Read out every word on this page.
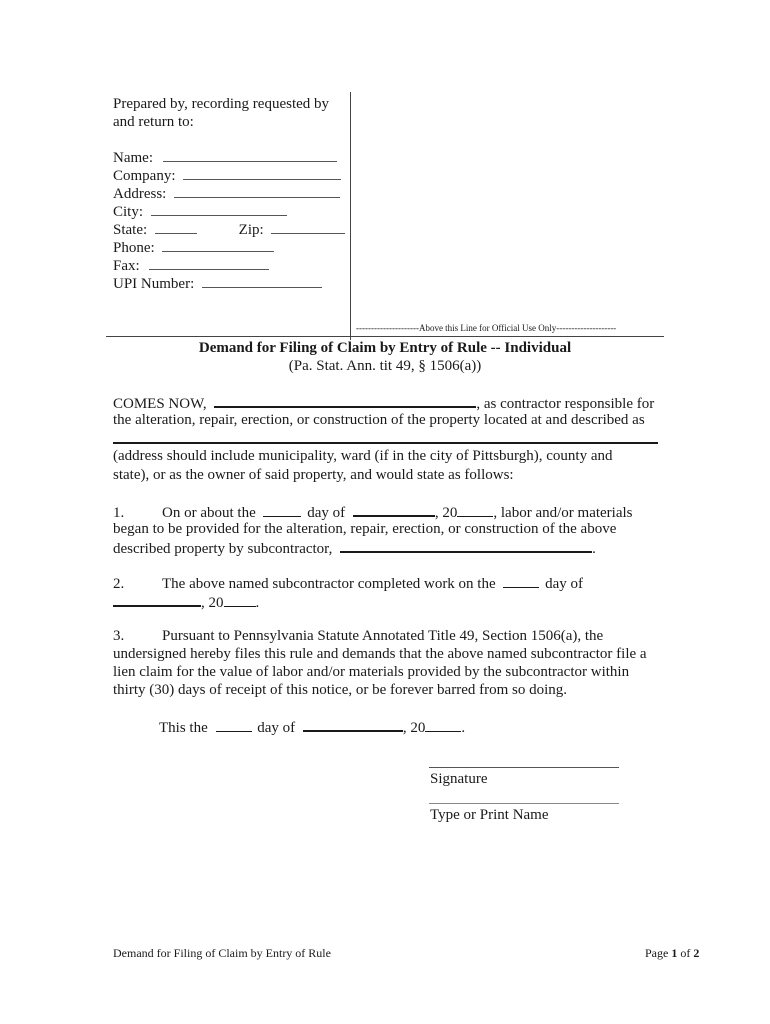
Prepared by, recording requested by
and return to:
Name:
Company:
Address:
City:
State:	Zip:
Phone:
Fax:
UPI Number:
---------------------Above this Line for Official Use Only--------------------
Demand for Filing of Claim by Entry of Rule -- Individual
(Pa. Stat. Ann. tit 49, § 1506(a))
COMES NOW,	, as contractor responsible for
the alteration, repair, erection, or construction of the property located at and described as
(address should include municipality, ward (if in the city of Pittsburgh), county and
state), or as the owner of said property, and would state as follows:
1.	On or about the	day of	, 20 , labor and/or materials
began to be provided for the alteration, repair, erection, or construction of the above
described property by subcontractor,	.
2.	The above named subcontractor completed work on the	day of
, 20 .
3.	Pursuant to Pennsylvania Statute Annotated Title 49, Section 1506(a), the
undersigned hereby files this rule and demands that the above named subcontractor file a
lien claim for the value of labor and/or materials provided by the subcontractor within
thirty (30) days of receipt of this notice, or be forever barred from so doing.
This the	day of	, 20 .
Signature
Type or Print Name
Demand for Filing of Claim by Entry of Rule	Page 1 of 2
